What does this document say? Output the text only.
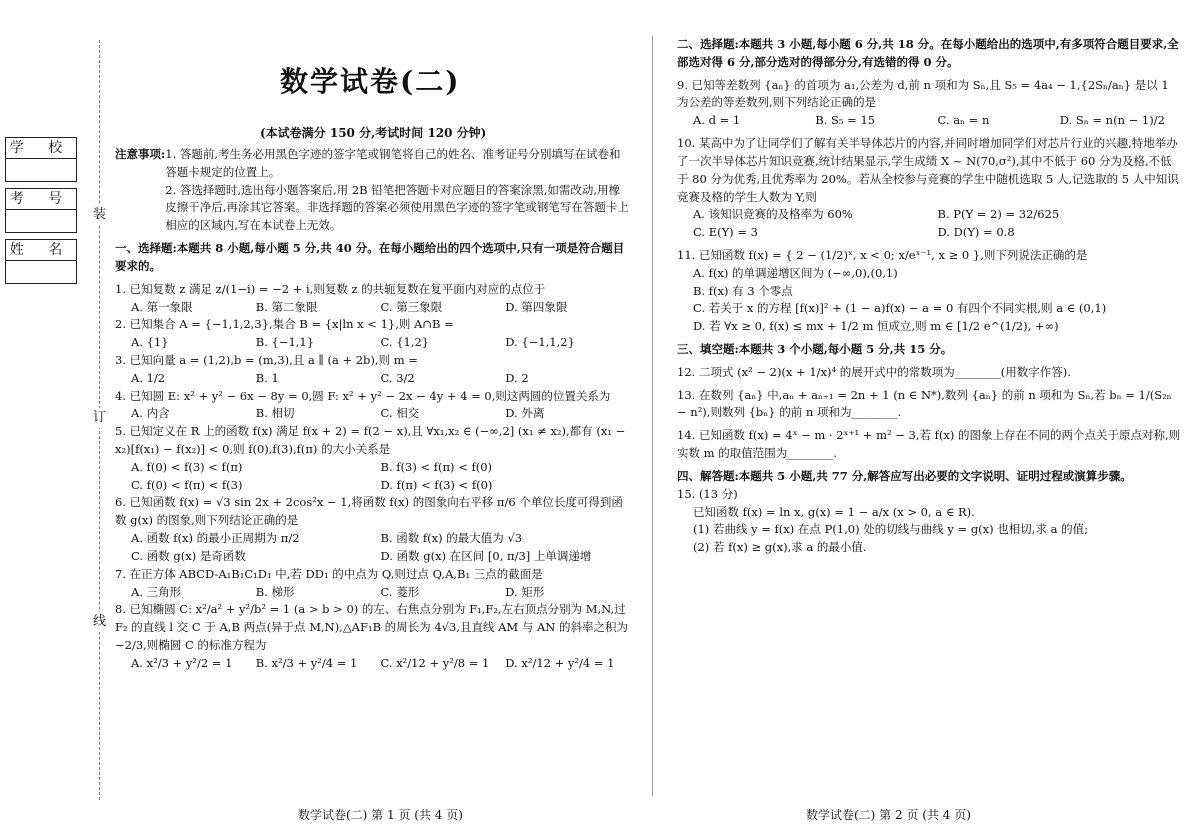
数学试卷(二)
(本试卷满分 150 分,考试时间 120 分钟)
学 校
考 号
姓 名
装
订
线
注意事项: 1. 答题前,考生务必用黑色字迹的签字笔或钢笔将自己的姓名、准考证号分别填写在试卷和答题卡规定的位置上。

2. 答选择题时,选出每小题答案后,用 2B 铅笔把答题卡对应题目的答案涂黑,如需改动,用橡皮擦干净后,再涂其它答案。非选择题的答案必须使用黑色字迹的签字笔或钢笔写在答题卡上相应的区域内,写在本试卷上无效。

一、选择题:本题共 8 小题,每小题 5 分,共 40 分。在每小题给出的四个选项中,只有一项是符合题目要求的。

1. 已知复数 z 满足 z/(1−i) = −2 + i,则复数 z 的共轭复数在复平面内对应的点位于

A. 第一象限	B. 第二象限	C. 第三象限	D. 第四象限

2. 已知集合 A = {−1,1,2,3},集合 B = {x|ln x < 1},则 A∩B =

A. {1}	B. {−1,1}	C. {1,2}	D. {−1,1,2}

3. 已知向量 a = (1,2),b = (m,3),且 a ∥ (a + 2b),则 m =

A. 1/2	B. 1	C. 3/2	D. 2

4. 已知圆 E: x² + y² − 6x − 8y = 0,圆 F: x² + y² − 2x − 4y + 4 = 0,则这两圆的位置关系为

A. 内含	B. 相切	C. 相交	D. 外离

5. 已知定义在 R 上的函数 f(x) 满足 f(x + 2) = f(2 − x),且 ∀x₁,x₂ ∈ (−∞,2] (x₁ ≠ x₂),都有 (x₁ − x₂)[f(x₁) − f(x₂)] < 0,则 f(0),f(3),f(π) 的大小关系是

A. f(0) < f(3) < f(π)	B. f(3) < f(π) < f(0)
C. f(0) < f(π) < f(3)	D. f(π) < f(3) < f(0)

6. 已知函数 f(x) = √3 sin 2x + 2cos²x − 1,将函数 f(x) 的图象向右平移 π/6 个单位长度可得到函数 g(x) 的图象,则下列结论正确的是

A. 函数 f(x) 的最小正周期为 π/2	B. 函数 f(x) 的最大值为 √3
C. 函数 g(x) 是奇函数	D. 函数 g(x) 在区间 [0, π/3] 上单调递增

7. 在正方体 ABCD-A₁B₁C₁D₁ 中,若 DD₁ 的中点为 Q,则过点 Q,A,B₁ 三点的截面是

A. 三角形	B. 梯形	C. 菱形	D. 矩形

8. 已知椭圆 C: x²/a² + y²/b² = 1 (a > b > 0) 的左、右焦点分别为 F₁,F₂,左右顶点分别为 M,N,过 F₂ 的直线 l 交 C 于 A,B 两点(异于点 M,N),△AF₁B 的周长为 4√3,且直线 AM 与 AN 的斜率之积为 −2/3,则椭圆 C 的标准方程为

A. x²/3 + y²/2 = 1	B. x²/3 + y²/4 = 1	C. x²/12 + y²/8 = 1	D. x²/12 + y²/4 = 1

二、选择题:本题共 3 小题,每小题 6 分,共 18 分。在每小题给出的选项中,有多项符合题目要求,全部选对得 6 分,部分选对的得部分分,有选错的得 0 分。

9. 已知等差数列 {aₙ} 的首项为 a₁,公差为 d,前 n 项和为 Sₙ,且 S₅ = 4a₄ − 1,{2Sₙ/aₙ} 是以 1 为公差的等差数列,则下列结论正确的是

A. d = 1	B. S₅ = 15	C. aₙ = n	D. Sₙ = n(n − 1)/2

10. 某高中为了让同学们了解有关半导体芯片的内容,并同时增加同学们对芯片行业的兴趣,特地举办了一次半导体芯片知识竞赛,统计结果显示,学生成绩 X ~ N(70,σ²),其中不低于 60 分为及格,不低于 80 分为优秀,且优秀率为 20%。若从全校参与竞赛的学生中随机选取 5 人,记选取的 5 人中知识竞赛及格的学生人数为 Y,则

A. 该知识竞赛的及格率为 60%	B. P(Y = 2) = 32/625
C. E(Y) = 3	D. D(Y) = 0.8

11. 已知函数 f(x) = { 2 − (1/2)ˣ, x < 0; x/eˣ⁻¹, x ≥ 0 },则下列说法正确的是

A. f(x) 的单调递增区间为 (−∞,0),(0,1)

B. f(x) 有 3 个零点

C. 若关于 x 的方程 [f(x)]² + (1 − a)f(x) − a = 0 有四个不同实根,则 a ∈ (0,1)

D. 若 ∀x ≥ 0, f(x) ≤ mx + 1/2 m 恒成立,则 m ∈ [1/2 e^(1/2), +∞)

三、填空题:本题共 3 个小题,每小题 5 分,共 15 分。

12. 二项式 (x² − 2)(x + 1/x)⁴ 的展开式中的常数项为________(用数字作答).

13. 在数列 {aₙ} 中,aₙ + aₙ₊₁ = 2n + 1 (n ∈ N*),数列 {aₙ} 的前 n 项和为 Sₙ,若 bₙ = 1/(S₂ₙ − n²),则数列 {bₙ} 的前 n 项和为________.

14. 已知函数 f(x) = 4ˣ − m · 2ˣ⁺¹ + m² − 3,若 f(x) 的图象上存在不同的两个点关于原点对称,则实数 m 的取值范围为________.

四、解答题:本题共 5 小题,共 77 分,解答应写出必要的文字说明、证明过程或演算步骤。

15. (13 分)

已知函数 f(x) = ln x, g(x) = 1 − a/x (x > 0, a ∈ R).

(1) 若曲线 y = f(x) 在点 P(1,0) 处的切线与曲线 y = g(x) 也相切,求 a 的值;

(2) 若 f(x) ≥ g(x),求 a 的最小值.

数学试卷(二) 第 1 页 (共 4 页)	数学试卷(二) 第 2 页 (共 4 页)
